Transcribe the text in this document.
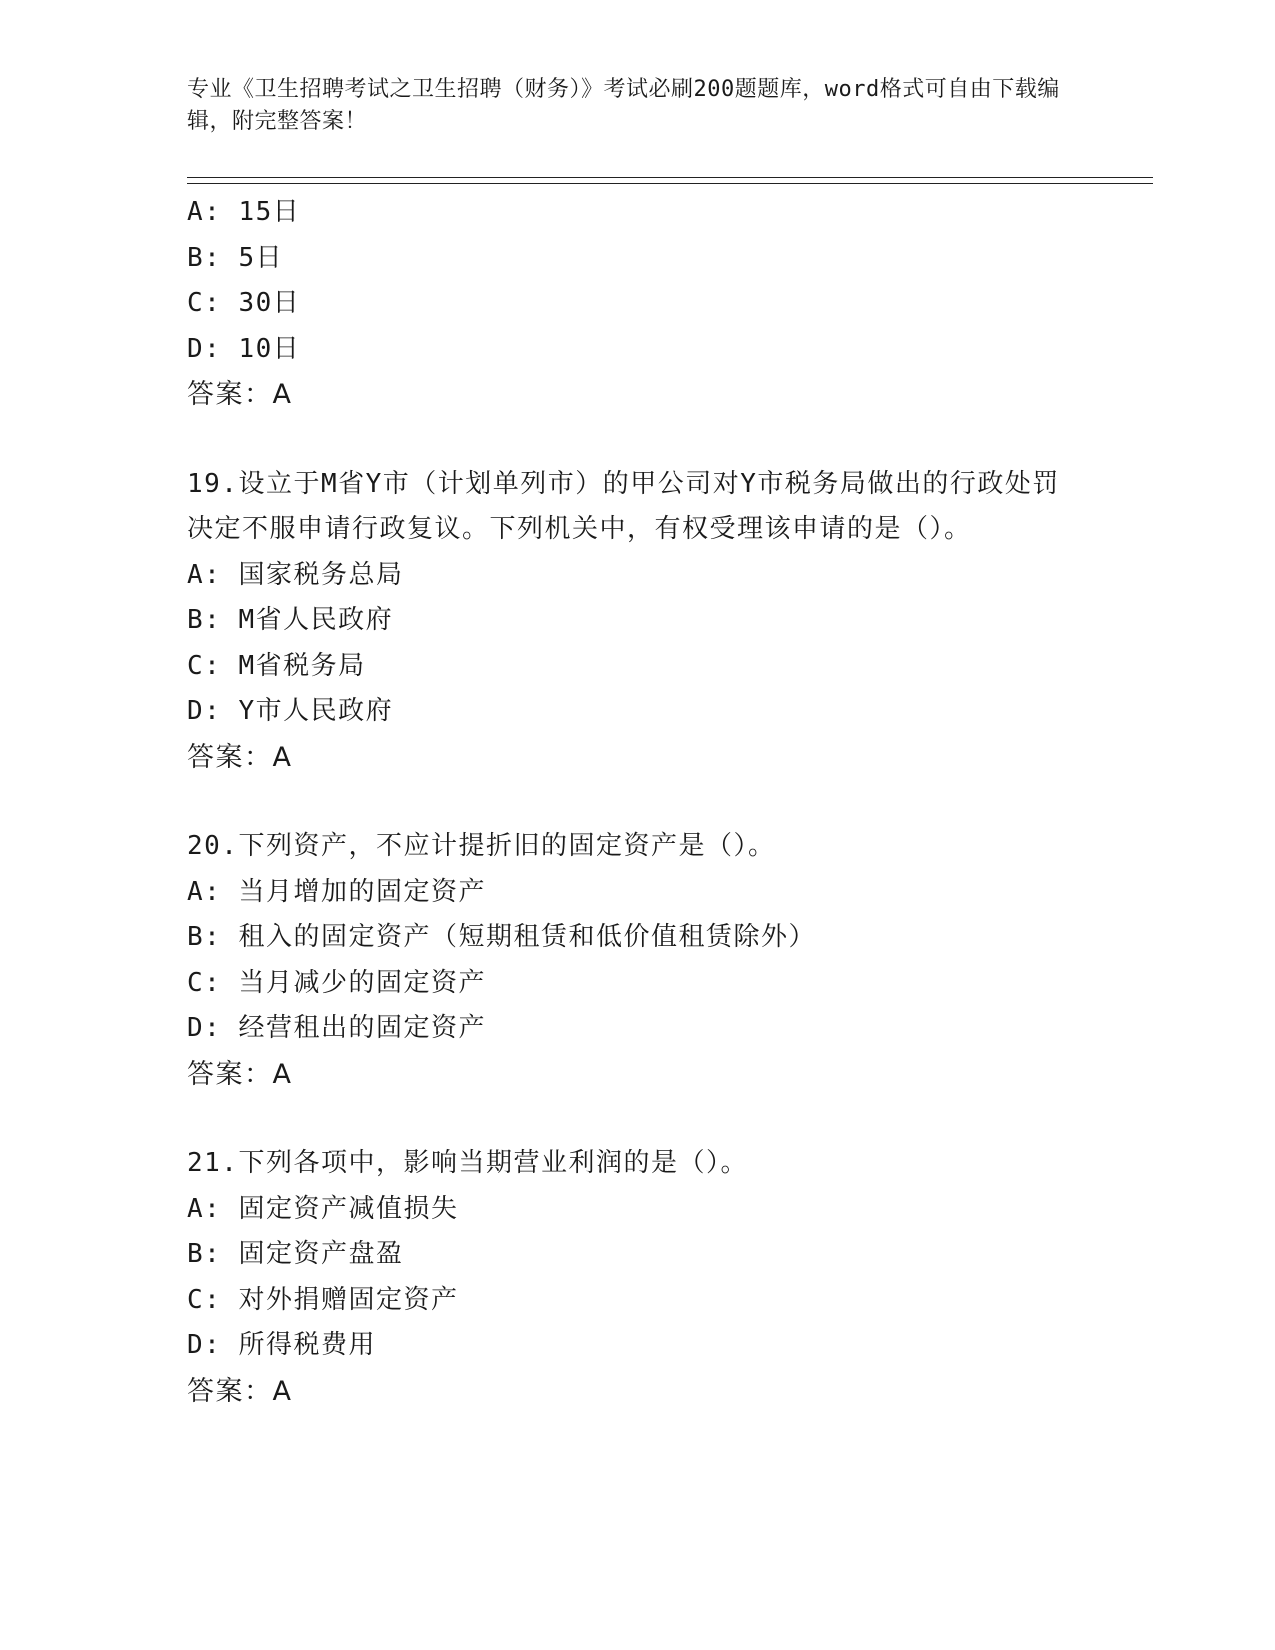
专业《卫生招聘考试之卫生招聘（财务）》考试必刷200题题库，word格式可自由下载编辑，附完整答案！
A: 15日
B: 5日
C: 30日
D: 10日
答案：A
19.设立于M省Y市（计划单列市）的甲公司对Y市税务局做出的行政处罚决定不服申请行政复议。下列机关中，有权受理该申请的是（）。
A: 国家税务总局
B: M省人民政府
C: M省税务局
D: Y市人民政府
答案：A
20.下列资产，不应计提折旧的固定资产是（）。
A: 当月增加的固定资产
B: 租入的固定资产（短期租赁和低价值租赁除外）
C: 当月减少的固定资产
D: 经营租出的固定资产
答案：A
21.下列各项中，影响当期营业利润的是（）。
A: 固定资产减值损失
B: 固定资产盘盈
C: 对外捐赠固定资产
D: 所得税费用
答案：A
